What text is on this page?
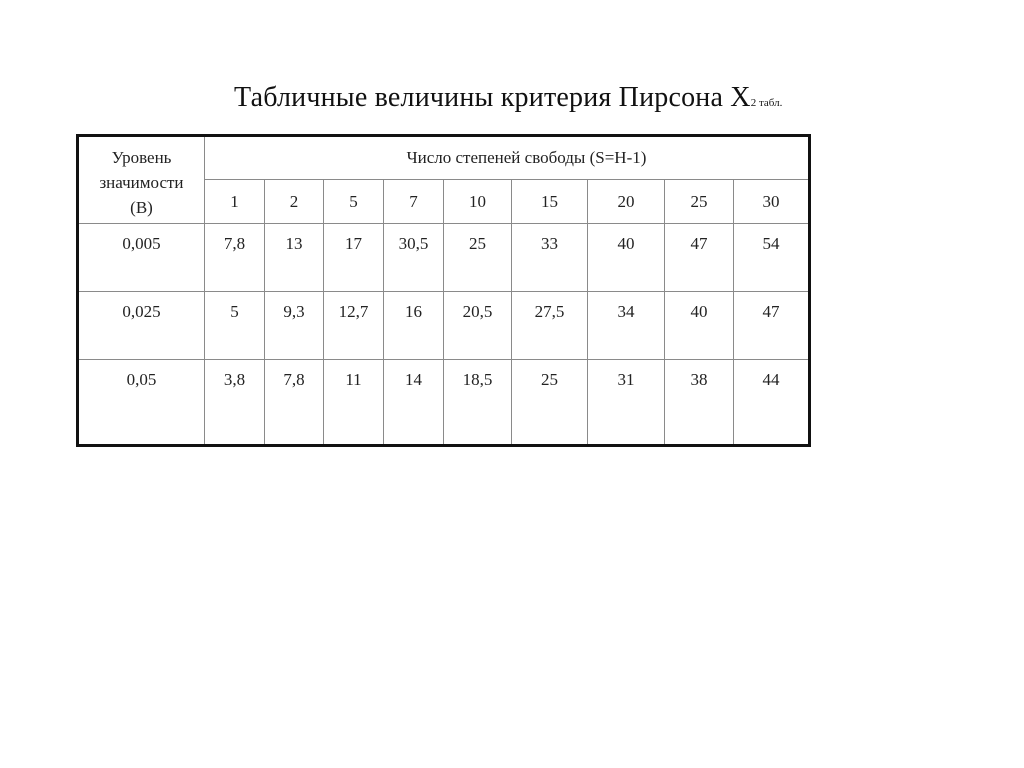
Табличные величины критерия Пирсона Х2 табл.
Уровень
значимости
(В)	Число степеней свободы (S=Н-1)								
	1	2	5	7	10	15	20	25	30
0,005	7,8	13	17	30,5	25	33	40	47	54
0,025	5	9,3	12,7	16	20,5	27,5	34	40	47
0,05	3,8	7,8	11	14	18,5	25	31	38	44
